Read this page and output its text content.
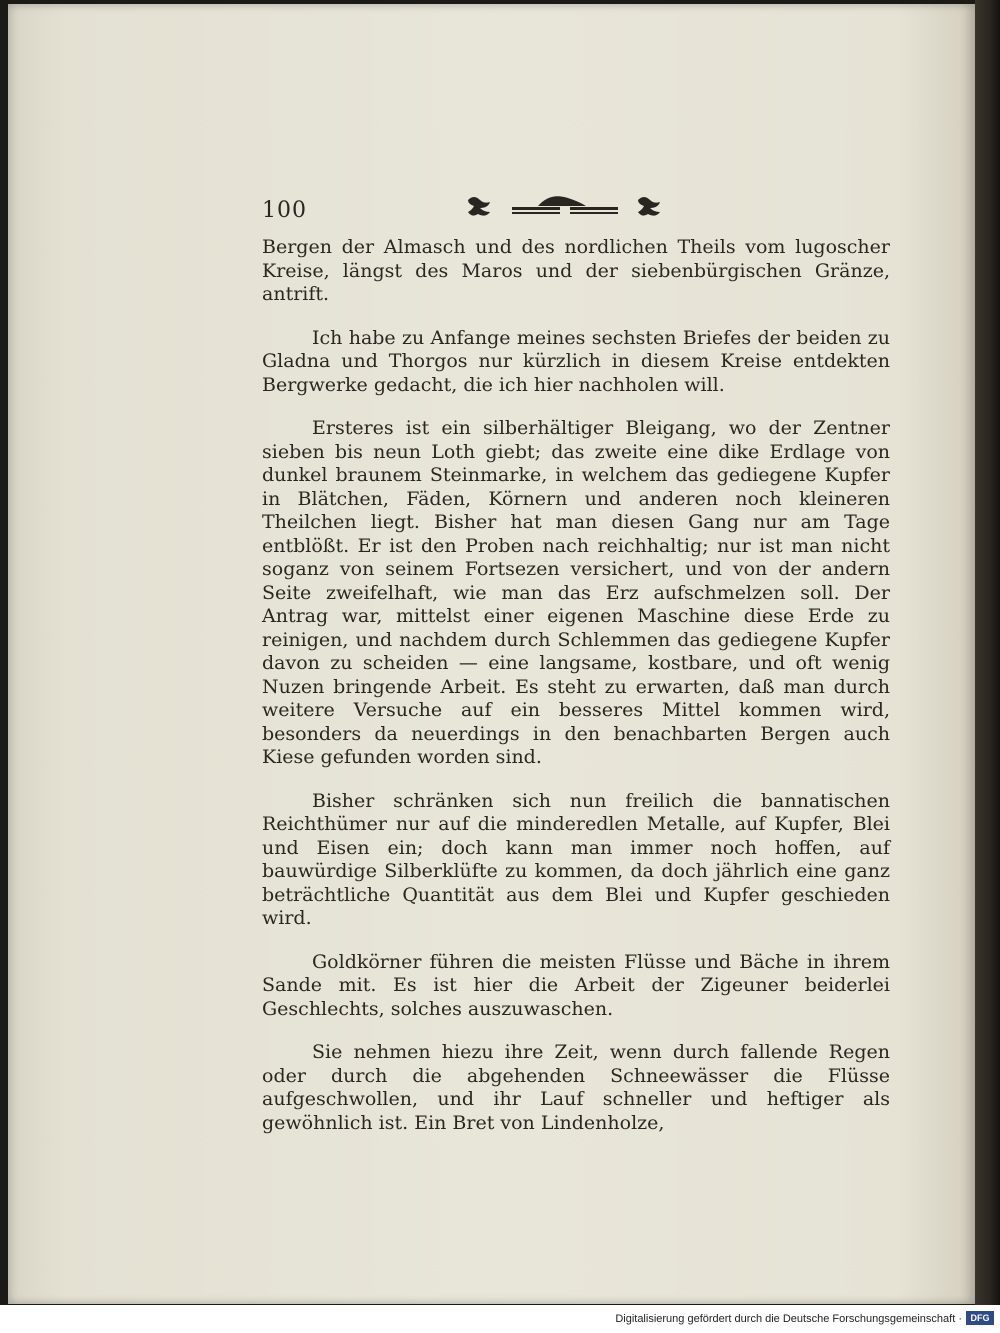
100

Bergen der Almasch und des nordlichen Theils vom lugoscher Kreise, längst des Maros und der siebenbürgischen Gränze, antrift.

Ich habe zu Anfange meines sechsten Briefes der beiden zu Gladna und Thorgos nur kürzlich in diesem Kreise entdekten Bergwerke gedacht, die ich hier nachholen will.

Ersteres ist ein silberhältiger Bleigang, wo der Zentner sieben bis neun Loth giebt; das zweite eine dike Erdlage von dunkel braunem Steinmarke, in welchem das gediegene Kupfer in Blätchen, Fäden, Körnern und anderen noch kleineren Theilchen liegt. Bisher hat man diesen Gang nur am Tage entblößt. Er ist den Proben nach reichhaltig; nur ist man nicht soganz von seinem Fortsezen versichert, und von der andern Seite zweifelhaft, wie man das Erz aufschmelzen soll. Der Antrag war, mittelst einer eigenen Maschine diese Erde zu reinigen, und nachdem durch Schlemmen das gediegene Kupfer davon zu scheiden — eine langsame, kostbare, und oft wenig Nuzen bringende Arbeit. Es steht zu erwarten, daß man durch weitere Versuche auf ein besseres Mittel kommen wird, besonders da neuerdings in den benachbarten Bergen auch Kiese gefunden worden sind.

Bisher schränken sich nun freilich die bannatischen Reichthümer nur auf die minderedlen Metalle, auf Kupfer, Blei und Eisen ein; doch kann man immer noch hoffen, auf bauwürdige Silberklüfte zu kommen, da doch jährlich eine ganz beträchtliche Quantität aus dem Blei und Kupfer geschieden wird.

Goldkörner führen die meisten Flüsse und Bäche in ihrem Sande mit. Es ist hier die Arbeit der Zigeuner beiderlei Geschlechts, solches auszuwaschen.

Sie nehmen hiezu ihre Zeit, wenn durch fallende Regen oder durch die abgehenden Schneewässer die Flüsse aufgeschwollen, und ihr Lauf schneller und heftiger als gewöhnlich ist. Ein Bret von Lindenholze,

Digitalisierung gefördert durch die Deutsche Forschungsgemeinschaft · DFG
